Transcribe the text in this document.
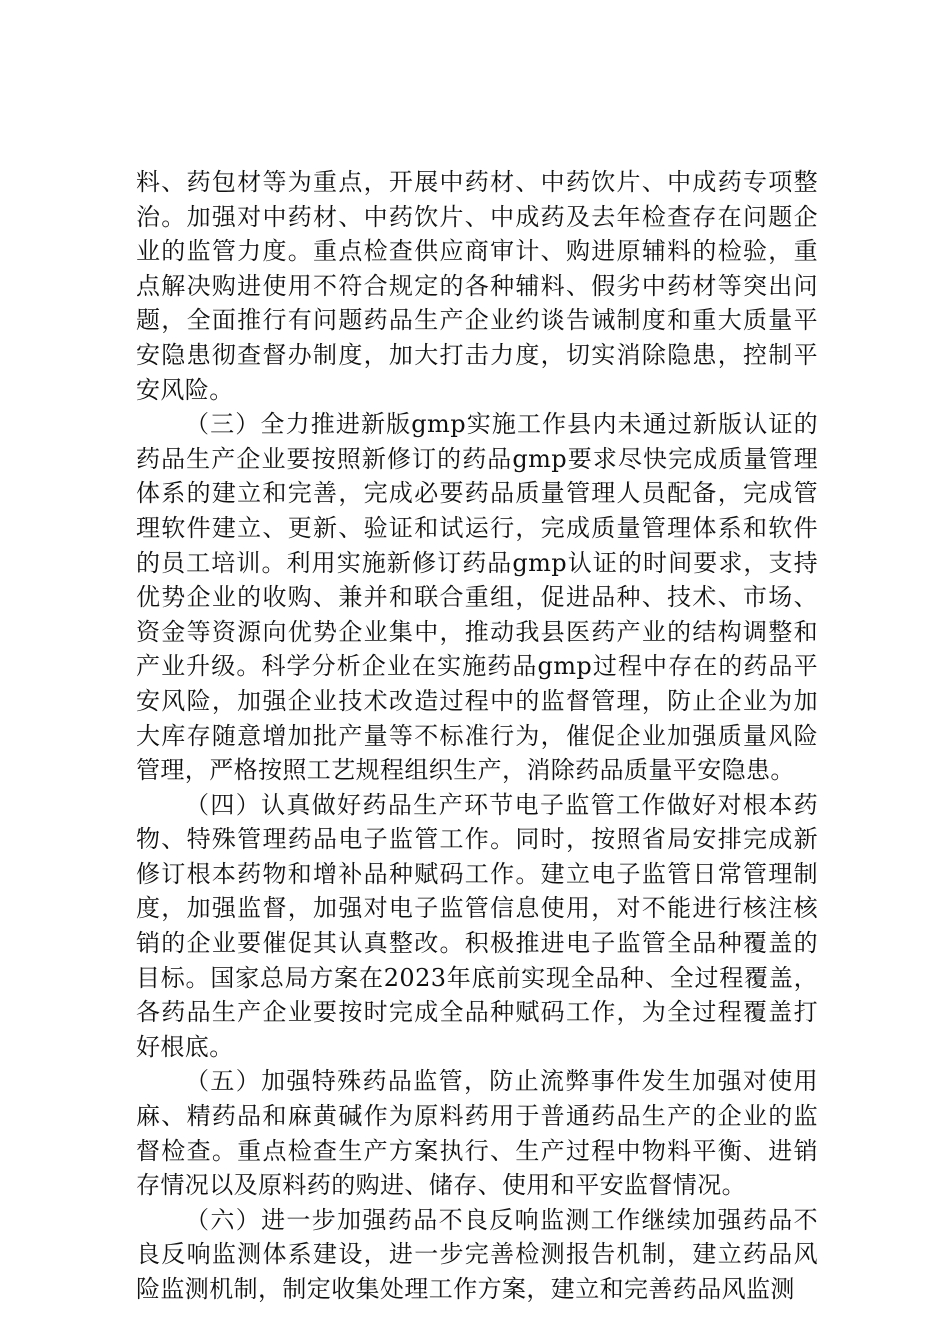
料、药包材等为重点，开展中药材、中药饮片、中成药专项整治。加强对中药材、中药饮片、中成药及去年检查存在问题企业的监管力度。重点检查供应商审计、购进原辅料的检验，重点解决购进使用不符合规定的各种辅料、假劣中药材等突出问题，全面推行有问题药品生产企业约谈告诫制度和重大质量平安隐患彻查督办制度，加大打击力度，切实消除隐患，控制平安风险。

（三）全力推进新版gmp实施工作县内未通过新版认证的药品生产企业要按照新修订的药品gmp要求尽快完成质量管理体系的建立和完善，完成必要药品质量管理人员配备，完成管理软件建立、更新、验证和试运行，完成质量管理体系和软件的员工培训。利用实施新修订药品gmp认证的时间要求，支持优势企业的收购、兼并和联合重组，促进品种、技术、市场、资金等资源向优势企业集中，推动我县医药产业的结构调整和产业升级。科学分析企业在实施药品gmp过程中存在的药品平安风险，加强企业技术改造过程中的监督管理，防止企业为加大库存随意增加批产量等不标准行为，催促企业加强质量风险管理，严格按照工艺规程组织生产，消除药品质量平安隐患。

（四）认真做好药品生产环节电子监管工作做好对根本药物、特殊管理药品电子监管工作。同时，按照省局安排完成新修订根本药物和增补品种赋码工作。建立电子监管日常管理制度，加强监督，加强对电子监管信息使用，对不能进行核注核销的企业要催促其认真整改。积极推进电子监管全品种覆盖的目标。国家总局方案在2023年底前实现全品种、全过程覆盖，各药品生产企业要按时完成全品种赋码工作，为全过程覆盖打好根底。

（五）加强特殊药品监管，防止流弊事件发生加强对使用麻、精药品和麻黄碱作为原料药用于普通药品生产的企业的监督检查。重点检查生产方案执行、生产过程中物料平衡、进销存情况以及原料药的购进、储存、使用和平安监督情况。

（六）进一步加强药品不良反响监测工作继续加强药品不良反响监测体系建设，进一步完善检测报告机制，建立药品风险监测机制，制定收集处理工作方案，建立和完善药品风监测
